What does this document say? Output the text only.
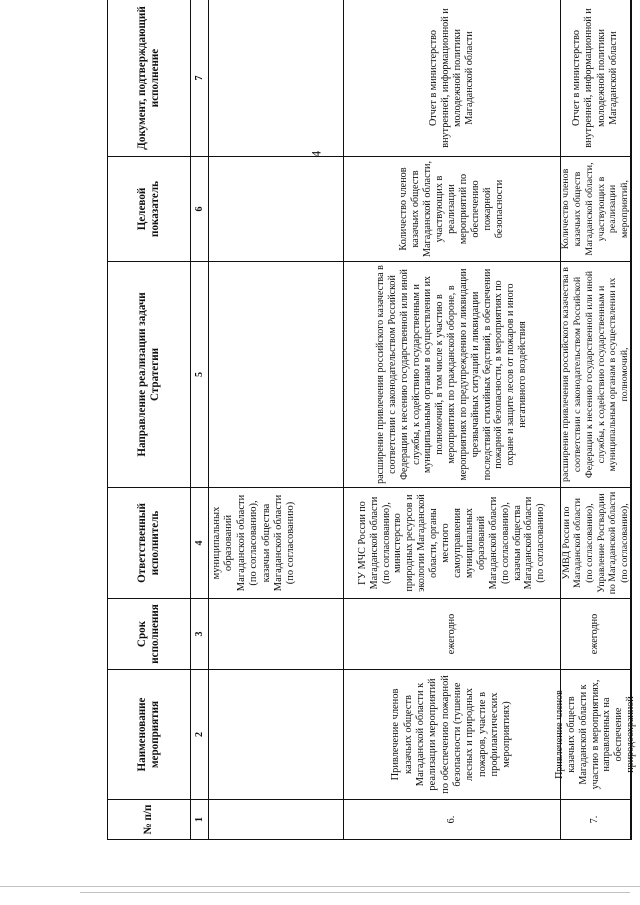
4
№ п/п
Наименование мероприятия
Срок исполнения
Ответственный исполнитель
Направление реализации задачи Стратегии
Целевой показатель
Документ, подтверждающий исполнение
1
2
3
4
5
6
7
муниципальных образований Магаданской области (по согласованию), казачьи общества Магаданской области (по согласованию)
6.
Привлечение членов казачьих обществ Магаданской области к реализации мероприятий по обеспечению пожарной безопасности (тушение лесных и природных пожаров, участие в профилактических мероприятиях)
ежегодно
ГУ МЧС России по Магаданской области (по согласованию), министерство природных ресурсов и экологии Магаданской области, органы местного самоуправления муниципальных образований Магаданской области (по согласованию), казачьи общества Магаданской области (по согласованию)
расширение привлечения российского казачества в соответствии с законодательством Российской Федерации к несению государственной или иной службы, к содействию государственным и муниципальным органам в осуществлении их полномочий, в том числе к участию в мероприятиях по гражданской обороне, в мероприятиях по предупреждению и ликвидации чрезвычайных ситуаций и ликвидации последствий стихийных бедствий, в обеспечении пожарной безопасности, в мероприятиях по охране и защите лесов от пожаров и иного негативного воздействия
Количество членов казачьих обществ Магаданской области, участвующих в реализации мероприятий по обеспечению пожарной безопасности
Отчет в министерство внутренней, информационной и молодежной политики Магаданской области
7.
Привлечение членов казачьих обществ Магаданской области к участию в мероприятиях, направленных на обеспечение природоохранной
ежегодно
УМВД России по Магаданской области (по согласованию), Управление Росгвардии по Магаданской области (по согласованию),
расширение привлечения российского казачества в соответствии с законодательством Российской Федерации к несению государственной или иной службы, к содействию государственным и муниципальным органам в осуществлении их полномочий,
Количество членов казачьих обществ Магаданской области, участвующих в реализации мероприятий,
Отчет в министерство внутренней, информационной и молодежной политики Магаданской области
